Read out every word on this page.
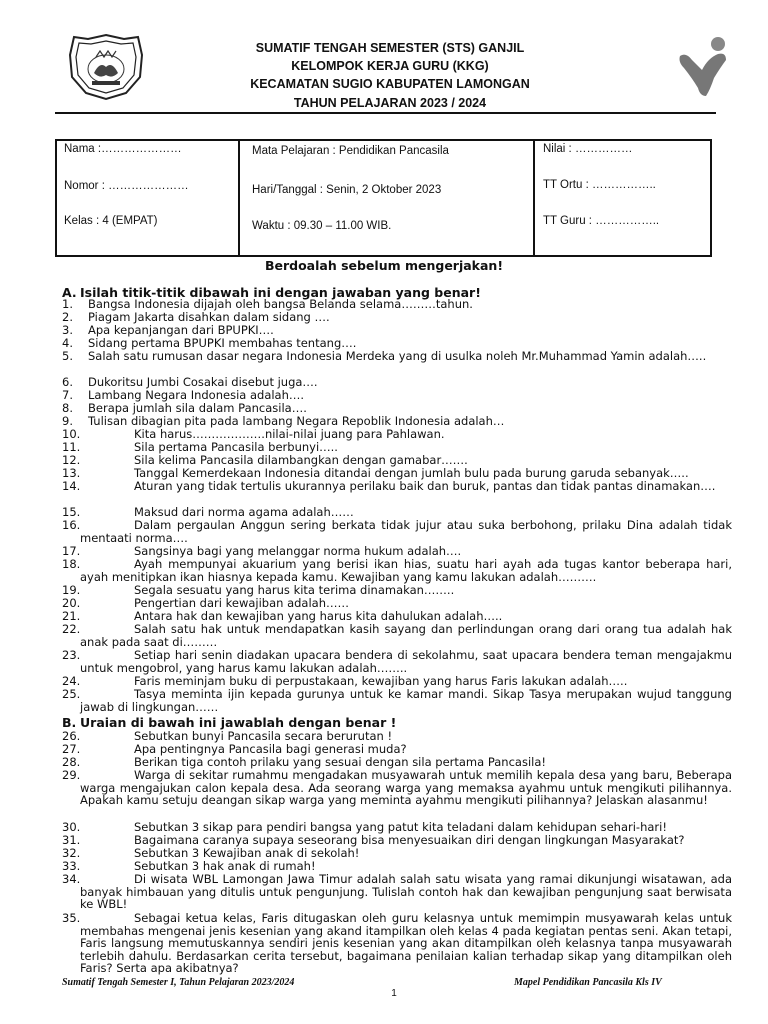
SUMATIF TENGAH SEMESTER (STS) GANJIL
KELOMPOK KERJA GURU (KKG)
KECAMATAN SUGIO KABUPATEN LAMONGAN
TAHUN PELAJARAN 2023 / 2024
Nama :…………………
Nomor : …………………
Kelas : 4 (EMPAT)
Mata Pelajaran : Pendidikan Pancasila
Hari/Tanggal : Senin, 2 Oktober 2023
Waktu : 09.30 – 11.00 WIB.
Nilai : ……………
TT Ortu : ……………..
TT Guru : ……………..
Berdoalah sebelum mengerjakan!
A. Isilah titik-titik dibawah ini dengan jawaban yang benar!
1.	Bangsa Indonesia dijajah oleh bangsa Belanda selama………tahun.
2.	Piagam Jakarta disahkan dalam sidang ….
3.	Apa kepanjangan dari BPUPKI….
4.	Sidang pertama BPUPKI membahas tentang….
5.	Salah satu rumusan dasar negara Indonesia Merdeka yang di usulka noleh Mr.Muhammad Yamin adalah…..
6.	Dukoritsu Jumbi Cosakai disebut juga….
7.	Lambang Negara Indonesia adalah….
8.	Berapa jumlah sila dalam Pancasila….
9.	Tulisan dibagian pita pada lambang Negara Repoblik Indonesia adalah…
10.	Kita harus……………….nilai-nilai juang para Pahlawan.
11.	Sila pertama Pancasila berbunyi…..
12.	Sila kelima Pancasila dilambangkan dengan gamabar…….
13.	Tanggal Kemerdekaan Indonesia ditandai dengan jumlah bulu pada burung garuda sebanyak…..
14.	Aturan yang tidak tertulis ukurannya perilaku baik dan buruk, pantas dan tidak pantas dinamakan….
15.	Maksud dari norma agama adalah……
16.	Dalam pergaulan Anggun sering berkata tidak jujur atau suka berbohong, prilaku Dina adalah tidak mentaati norma….
17.	Sangsinya bagi yang melanggar norma hukum adalah….
18.	Ayah mempunyai akuarium yang berisi ikan hias, suatu hari ayah ada tugas kantor beberapa hari, ayah menitipkan ikan hiasnya kepada kamu. Kewajiban yang kamu lakukan adalah……….
19.	Segala sesuatu yang harus kita terima dinamakan……..
20.	Pengertian dari kewajiban adalah……
21.	Antara hak dan kewajiban yang harus kita dahulukan adalah…..
22.	Salah satu hak untuk mendapatkan kasih sayang dan perlindungan orang dari orang tua adalah hak anak pada saat di………
23.	Setiap hari senin diadakan upacara bendera di sekolahmu, saat upacara bendera teman mengajakmu untuk mengobrol, yang harus kamu lakukan adalah……..
24.	Faris meminjam buku di perpustakaan, kewajiban yang harus Faris lakukan adalah…..
25.	Tasya meminta ijin kepada gurunya untuk ke kamar mandi. Sikap Tasya merupakan wujud tanggung jawab di lingkungan……
B. Uraian di bawah ini jawablah dengan benar !
26.	Sebutkan bunyi Pancasila secara berurutan !
27.	Apa pentingnya Pancasila bagi generasi muda?
28.	Berikan tiga contoh prilaku yang sesuai dengan sila pertama Pancasila!
29.	Warga di sekitar rumahmu mengadakan musyawarah untuk memilih kepala desa yang baru, Beberapa warga mengajukan calon kepala desa. Ada seorang warga yang memaksa ayahmu untuk mengikuti pilihannya. Apakah kamu setuju deangan sikap warga yang meminta ayahmu mengikuti pilihannya? Jelaskan alasanmu!
30.	Sebutkan 3 sikap para pendiri bangsa yang patut kita teladani dalam kehidupan sehari-hari!
31.	Bagaimana caranya supaya seseorang bisa menyesuaikan diri dengan lingkungan Masyarakat?
32.	Sebutkan 3 Kewajiban anak di sekolah!
33.	Sebutkan 3 hak anak di rumah!
34.	Di wisata WBL Lamongan Jawa Timur adalah salah satu wisata yang ramai dikunjungi wisatawan, ada banyak himbauan yang ditulis untuk pengunjung. Tulislah contoh hak dan kewajiban pengunjung saat berwisata ke WBL!
35.	Sebagai ketua kelas, Faris ditugaskan oleh guru kelasnya untuk memimpin musyawarah kelas untuk membahas mengenai jenis kesenian yang akand itampilkan oleh kelas 4 pada kegiatan pentas seni. Akan tetapi, Faris langsung memutuskannya sendiri jenis kesenian yang akan ditampilkan oleh kelasnya tanpa musyawarah terlebih dahulu. Berdasarkan cerita tersebut, bagaimana penilaian kalian terhadap sikap yang ditampilkan oleh Faris? Serta apa akibatnya?
Sumatif Tengah Semester I, Tahun Pelajaran 2023/2024	Mapel Pendidikan Pancasila Kls IV
1
